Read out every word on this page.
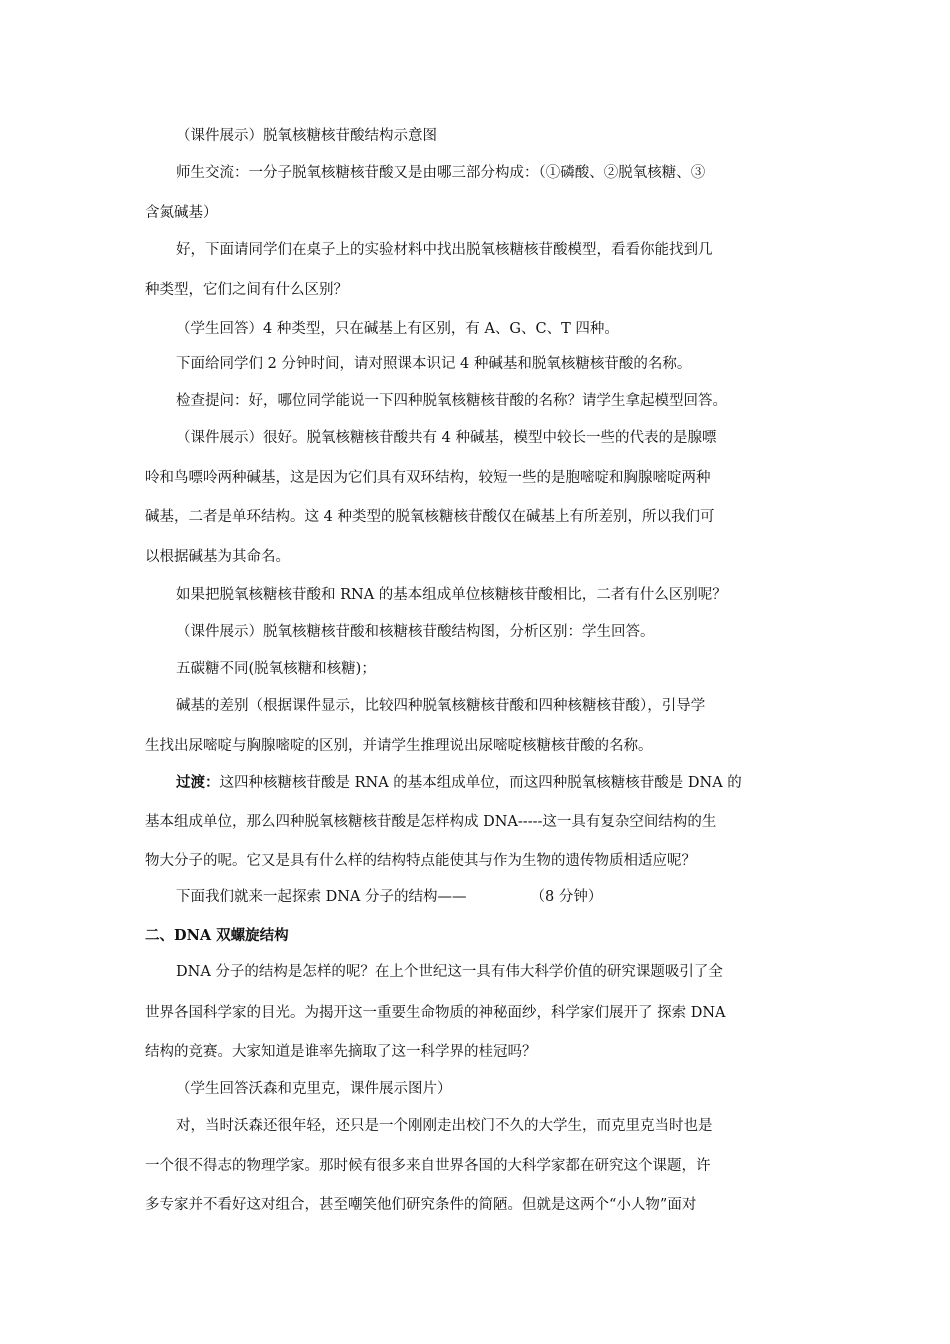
（课件展示）脱氧核糖核苷酸结构示意图
师生交流：一分子脱氧核糖核苷酸又是由哪三部分构成：（①磷酸、②脱氧核糖、③
含氮碱基）
好，下面请同学们在桌子上的实验材料中找出脱氧核糖核苷酸模型，看看你能找到几
种类型，它们之间有什么区别？
（学生回答）4 种类型，只在碱基上有区别，有 A、G、C、T 四种。
下面给同学们 2 分钟时间，请对照课本识记 4 种碱基和脱氧核糖核苷酸的名称。
检查提问：好，哪位同学能说一下四种脱氧核糖核苷酸的名称？请学生拿起模型回答。
（课件展示）很好。脱氧核糖核苷酸共有 4 种碱基，模型中较长一些的代表的是腺嘌
呤和鸟嘌呤两种碱基，这是因为它们具有双环结构，较短一些的是胞嘧啶和胸腺嘧啶两种
碱基，二者是单环结构。这 4 种类型的脱氧核糖核苷酸仅在碱基上有所差别，所以我们可
以根据碱基为其命名。
如果把脱氧核糖核苷酸和 RNA 的基本组成单位核糖核苷酸相比，二者有什么区别呢？
（课件展示）脱氧核糖核苷酸和核糖核苷酸结构图，分析区别：学生回答。
五碳糖不同(脱氧核糖和核糖)；
碱基的差别（根据课件显示，比较四种脱氧核糖核苷酸和四种核糖核苷酸），引导学
生找出尿嘧啶与胸腺嘧啶的区别，并请学生推理说出尿嘧啶核糖核苷酸的名称。
过渡：这四种核糖核苷酸是 RNA 的基本组成单位，而这四种脱氧核糖核苷酸是 DNA 的
基本组成单位，那么四种脱氧核糖核苷酸是怎样构成 DNA-----这一具有复杂空间结构的生
物大分子的呢。它又是具有什么样的结构特点能使其与作为生物的遗传物质相适应呢？
下面我们就来一起探索 DNA 分子的结构——	（8 分钟）
二、DNA 双螺旋结构
DNA 分子的结构是怎样的呢？在上个世纪这一具有伟大科学价值的研究课题吸引了全
世界各国科学家的目光。为揭开这一重要生命物质的神秘面纱，科学家们展开了 探索 DNA
结构的竞赛。大家知道是谁率先摘取了这一科学界的桂冠吗？
（学生回答沃森和克里克，课件展示图片）
对，当时沃森还很年轻，还只是一个刚刚走出校门不久的大学生，而克里克当时也是
一个很不得志的物理学家。那时候有很多来自世界各国的大科学家都在研究这个课题，许
多专家并不看好这对组合，甚至嘲笑他们研究条件的简陋。但就是这两个“小人物”面对
